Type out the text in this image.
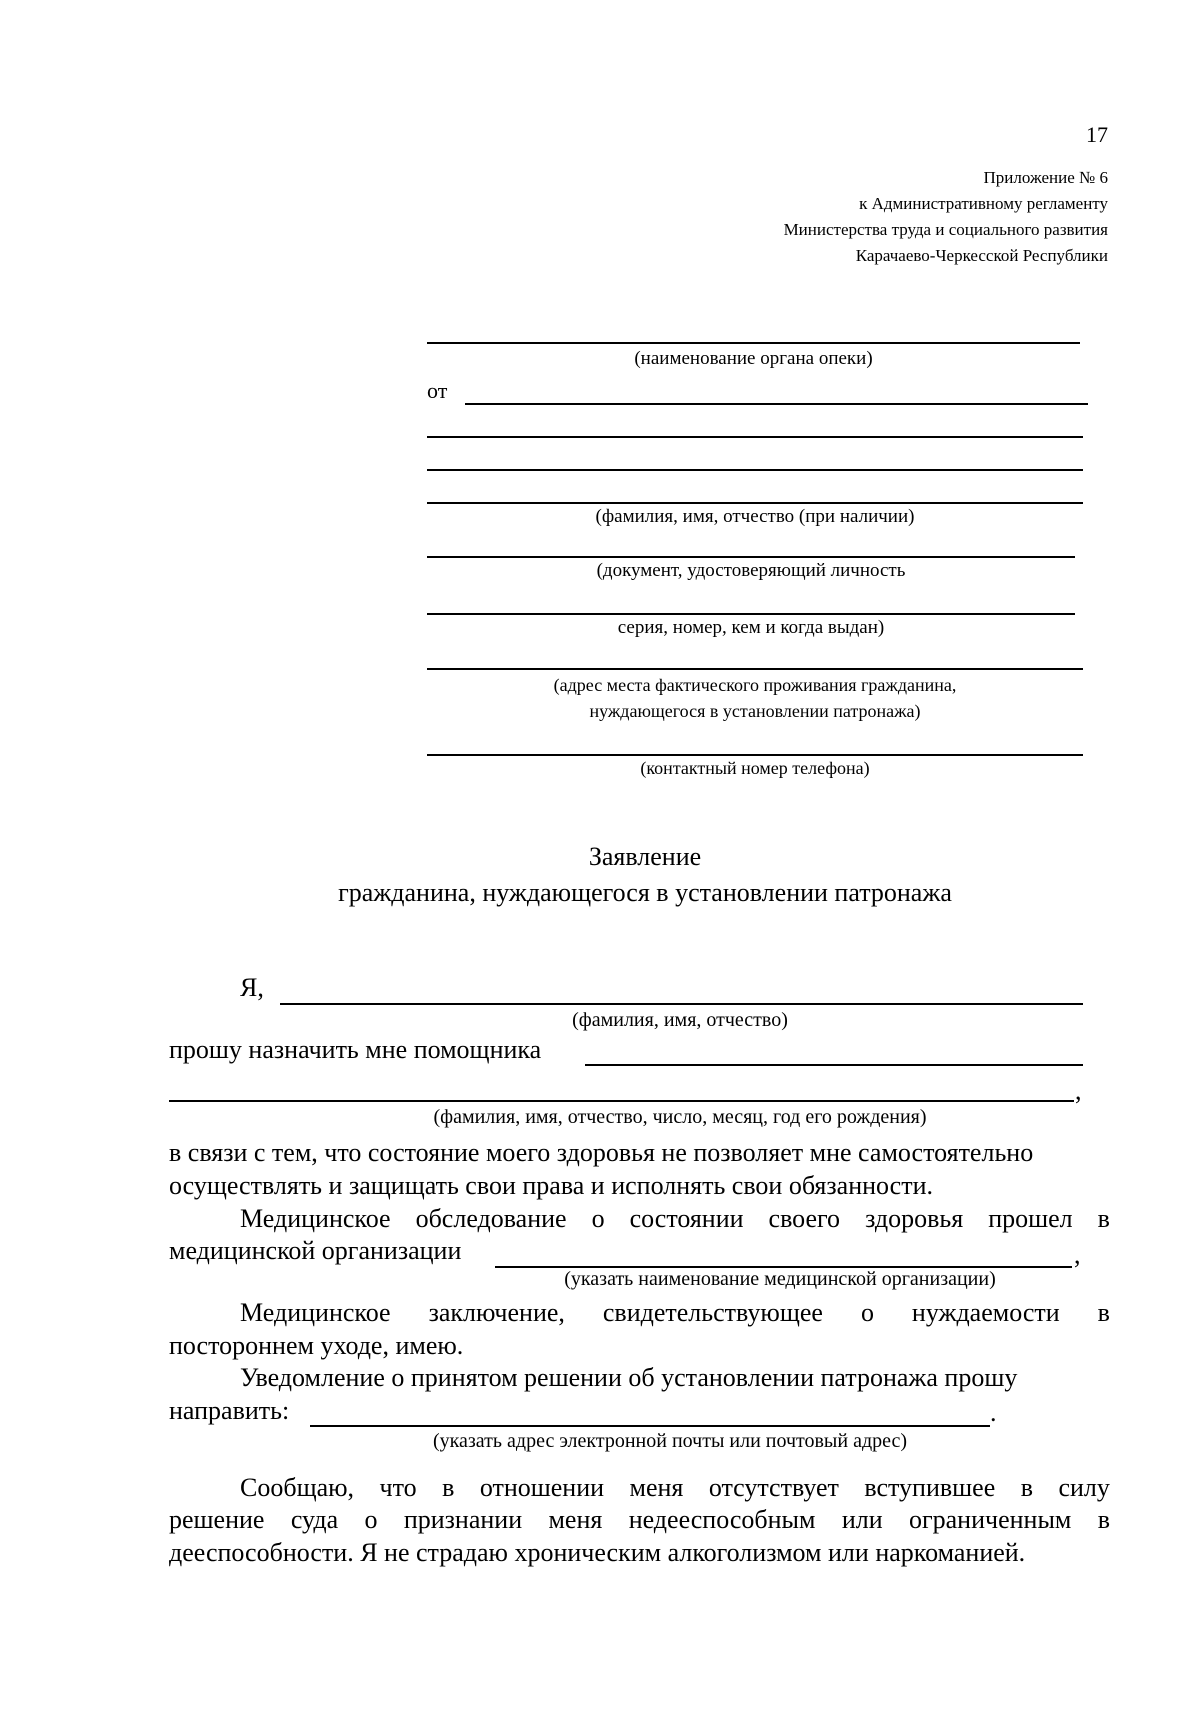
17
Приложение № 6
к Административному регламенту
Министерства труда и социального развития
Карачаево-Черкесской Республики
(наименование органа опеки)
от
(фамилия, имя, отчество (при наличии)
(документ, удостоверяющий личность
серия, номер, кем и когда выдан)
(адрес места фактического проживания гражданина,
нуждающегося в установлении патронажа)
(контактный номер телефона)
Заявление
гражданина, нуждающегося в установлении патронажа
Я,
(фамилия, имя, отчество)
прошу назначить мне помощника
,
(фамилия, имя, отчество, число, месяц, год его рождения)
в связи с тем, что состояние моего здоровья не позволяет мне самостоятельно
осуществлять и защищать свои права и исполнять свои обязанности.
Медицинское обследование о состоянии своего здоровья прошел в
медицинской организации	,
(указать наименование медицинской организации)
Медицинское заключение, свидетельствующее о нуждаемости в
постороннем уходе, имею.
Уведомление о принятом решении об установлении патронажа прошу
направить:	.
(указать адрес электронной почты или почтовый адрес)
Сообщаю, что в отношении меня отсутствует вступившее в силу
решение суда о признании меня недееспособным или ограниченным в
дееспособности. Я не страдаю хроническим алкоголизмом или наркоманией.
